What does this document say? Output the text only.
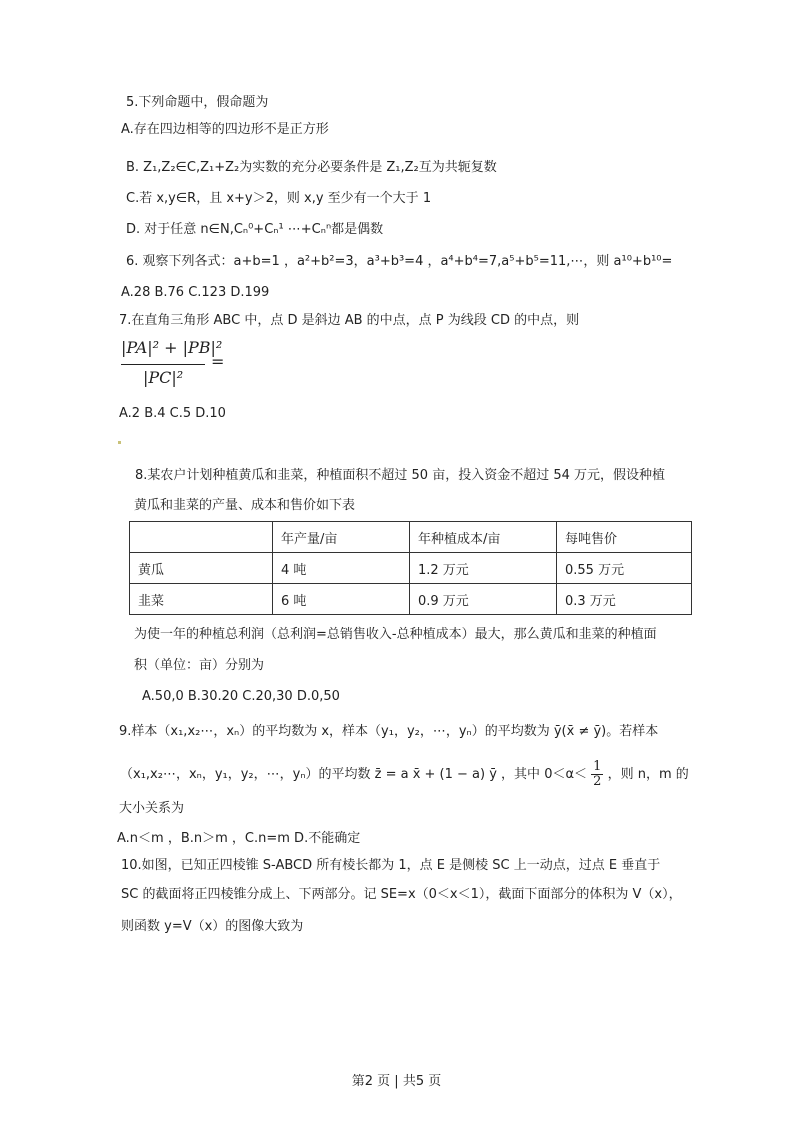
5.下列命题中，假命题为
A.存在四边相等的四边形不是正方形
B. Z₁,Z₂∈C,Z₁+Z₂为实数的充分必要条件是 Z₁,Z₂互为共轭复数
C.若 x,y∈R，且 x+y＞2，则 x,y 至少有一个大于 1
D. 对于任意 n∈N,Cₙ⁰+Cₙ¹ ⋯+Cₙⁿ都是偶数
6. 观察下列各式：a+b=1 ，a²+b²=3，a³+b³=4 ，a⁴+b⁴=7,a⁵+b⁵=11,⋯，则 a¹⁰+b¹⁰=
A.28 B.76 C.123 D.199
7.在直角三角形 ABC 中，点 D 是斜边 AB 的中点，点 P 为线段 CD 的中点，则
|PA|² + |PB|²
|PC|²
=
A.2 B.4 C.5 D.10
8.某农户计划种植黄瓜和韭菜，种植面积不超过 50 亩，投入资金不超过 54 万元，假设种植
黄瓜和韭菜的产量、成本和售价如下表
	年产量/亩	年种植成本/亩	每吨售价
黄瓜	4 吨	1.2 万元	0.55 万元
韭菜	6 吨	0.9 万元	0.3 万元
为使一年的种植总利润（总利润=总销售收入-总种植成本）最大，那么黄瓜和韭菜的种植面
积（单位：亩）分别为
A.50,0 B.30.20 C.20,30 D.0,50
9.样本（x₁,x₂⋯，xₙ）的平均数为 x，样本（y₁，y₂，⋯，yₙ）的平均数为 ȳ(x̄ ≠ ȳ)。若样本
（x₁,x₂⋯，xₙ，y₁，y₂，⋯，yₙ）的平均数 z̄ = a x̄ + (1 − a) ȳ ，其中 $0<\alpha< \frac{1}{2}$ ，则 n，m 的
大小关系为
A.n＜m ，B.n＞m ，C.n=m D.不能确定
10.如图，已知正四棱锥 S-ABCD 所有棱长都为 1，点 E 是侧棱 SC 上一动点，过点 E 垂直于
SC 的截面将正四棱锥分成上、下两部分。记 SE=x（0＜x＜1），截面下面部分的体积为 V（x），
则函数 y=V（x）的图像大致为
第2 页 | 共5 页
